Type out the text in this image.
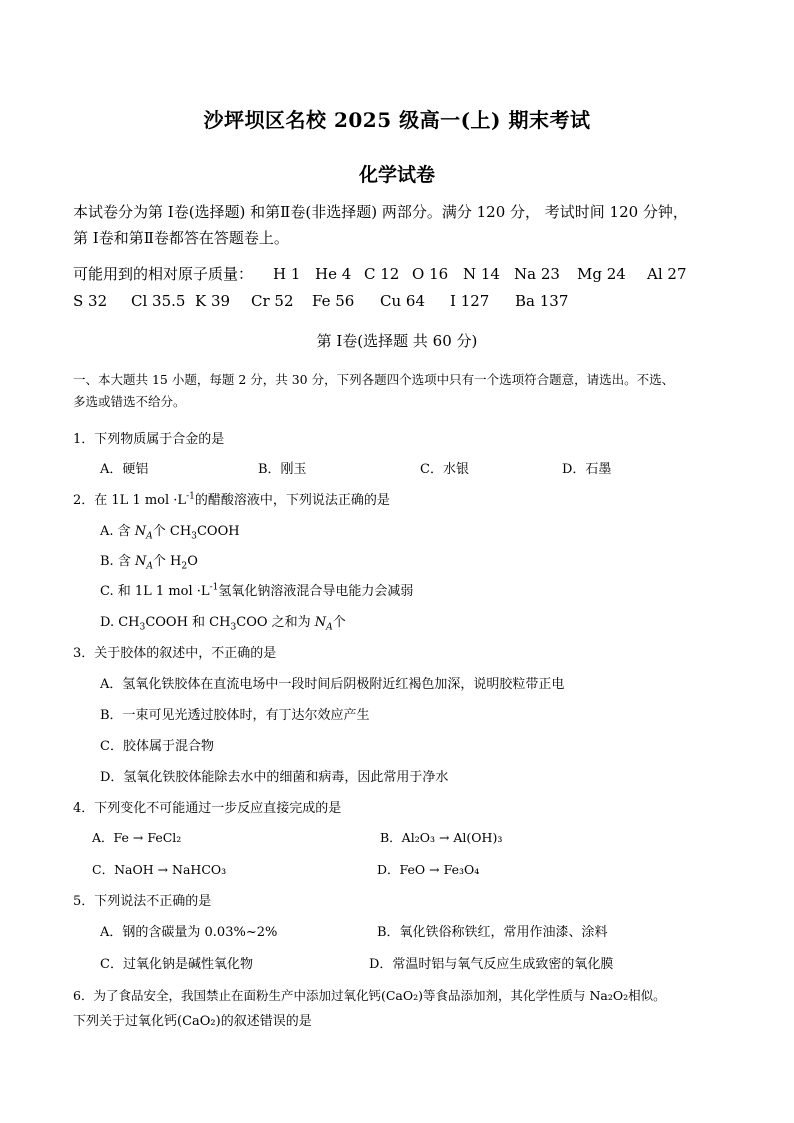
沙坪坝区名校 2025 级高一(上) 期末考试
化学试卷
本试卷分为第 Ⅰ卷(选择题) 和第Ⅱ卷(非选择题) 两部分。满分 120 分， 考试时间 120 分钟，
第 Ⅰ卷和第Ⅱ卷都答在答题卷上。
可能用到的相对原子质量： H 1 He 4 C 12 O 16 N 14 Na 23 Mg 24 Al 27
S 32 Cl 35.5 K 39 Cr 52 Fe 56 Cu 64 I 127 Ba 137
第 Ⅰ卷(选择题 共 60 分)
一、本大题共 15 小题，每题 2 分，共 30 分，下列各题四个选项中只有一个选项符合题意，请选出。不选、
多选或错选不给分。
1．下列物质属于合金的是
A．硬铝	B．刚玉	C．水银	D．石墨
2．在 1L 1 mol $\cdot L^{-1}$的醋酸溶液中，下列说法正确的是
A. 含 $N_A$个 $CH_3COOH$
B. 含 $N_A$个 $H_2O$
C. 和 1L 1 mol $\cdot L^{-1}$氢氧化钠溶液混合导电能力会减弱
D. $CH_3COOH$ 和 $CH_3COO$ 之和为 $N_A$个
3．关于胶体的叙述中，不正确的是
A．氢氧化铁胶体在直流电场中一段时间后阴极附近红褐色加深，说明胶粒带正电
B．一束可见光透过胶体时，有丁达尔效应产生
C．胶体属于混合物
D．氢氧化铁胶体能除去水中的细菌和病毒，因此常用于净水
4．下列变化不可能通过一步反应直接完成的是
A．Fe → FeCl₂	B．Al₂O₃ → Al(OH)₃
C．NaOH → NaHCO₃	D．FeO → Fe₃O₄
5．下列说法不正确的是
A．钢的含碳量为 0.03%~2%	B．氧化铁俗称铁红，常用作油漆、涂料
C．过氧化钠是碱性氧化物	D．常温时铝与氧气反应生成致密的氧化膜
6．为了食品安全，我国禁止在面粉生产中添加过氧化钙(CaO₂)等食品添加剂，其化学性质与 Na₂O₂相似。
下列关于过氧化钙(CaO₂)的叙述错误的是
